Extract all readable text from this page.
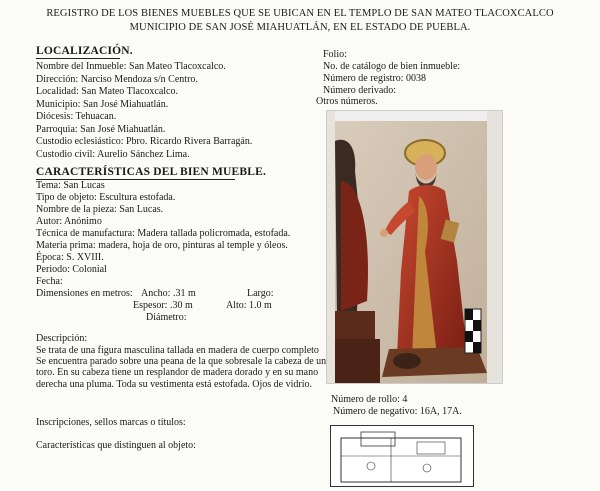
REGISTRO DE LOS BIENES MUEBLES QUE SE UBICAN EN EL TEMPLO DE SAN MATEO TLACOXCALCO
MUNICIPIO DE SAN JOSÉ MIAHUATLÁN, EN EL ESTADO DE PUEBLA.
LOCALIZACIÓN.
Nombre del Inmueble: San Mateo Tlacoxcalco.
Dirección: Narciso Mendoza s/n Centro.
Localidad: San Mateo Tlacoxcalco.
Municipio: San José Miahuatlán.
Diócesis: Tehuacan.
Parroquia: San José Miahuatlán.
Custodio eclesiástico: Pbro. Ricardo Rivera Barragán.
Custodio civil: Aurelio Sánchez Lima.
Folio:
No. de catálogo de bien inmueble:
Número de registro: 0038
Número derivado:
Otros números.
CARACTERÍSTICAS DEL BIEN MUEBLE.
Tema: San Lucas
Tipo de objeto: Escultura estofada.
Nombre de la pieza: San Lucas.
Autor: Anónimo
Técnica de manufactura: Madera tallada policromada, estofada.
Materia prima: madera, hoja de oro, pinturas al temple y óleos.
Época: S. XVIII.
Periodo: Colonial
Fecha:
Dimensiones en metros: Ancho: .31 m	Largo:
Espesor: .30 m	Alto: 1.0 m
Diámetro:
Descripción:
Se trata de una figura masculina tallada en madera de cuerpo completo Se encuentra parado sobre una peana de la que sobresale la cabeza de un toro. En su cabeza tiene un resplandor de madera dorado y en su mano derecha una pluma. Toda su vestimenta está estofada. Ojos de vidrio.
Número de rollo: 4
Número de negativo: 16A, 17A.
Inscripciones, sellos marcas o títulos:
Características que distinguen al objeto:
